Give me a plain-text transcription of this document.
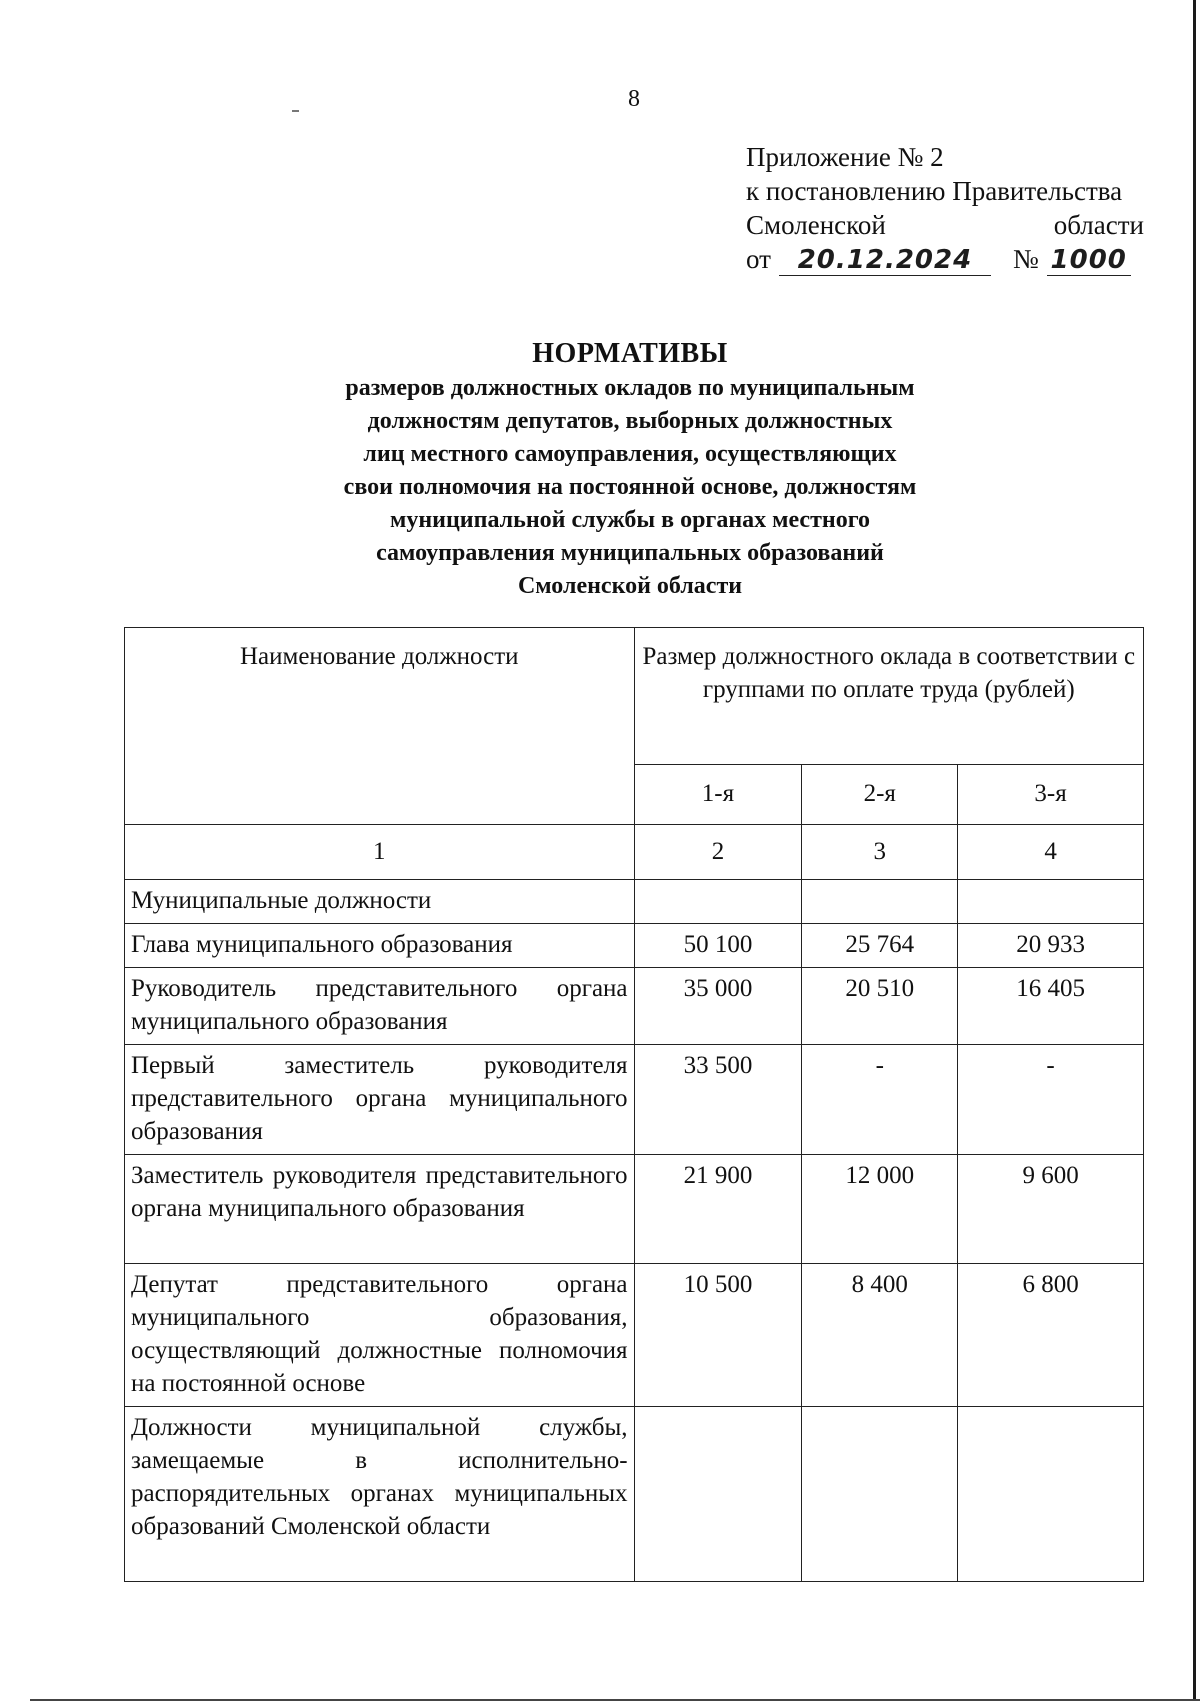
8
Приложение № 2
к постановлению Правительства
Смоленской	области
от	20.12.2024	№ 1000
НОРМАТИВЫ
размеров должностных окладов по муниципальным
должностям депутатов, выборных должностных
лиц местного самоуправления, осуществляющих
свои полномочия на постоянной основе, должностям
муниципальной службы в органах местного
самоуправления муниципальных образований
Смоленской области
Наименование должности	Размер должностного оклада в соответствии с группами по оплате труда (рублей)		
	1-я	2-я	3-я
1	2	3	4
Муниципальные должности			
Глава муниципального образования	50 100	25 764	20 933
Руководитель представительного органа муниципального образования	35 000	20 510	16 405
Первый заместитель руководителя представительного органа муниципального образования	33 500	-	-
Заместитель руководителя представительного органа муниципального образования	21 900	12 000	9 600
Депутат представительного органа муниципального образования, осуществляющий должностные полномочия на постоянной основе	10 500	8 400	6 800
Должности муниципальной службы, замещаемые в исполнительно-распорядительных органах муниципальных образований Смоленской области			
